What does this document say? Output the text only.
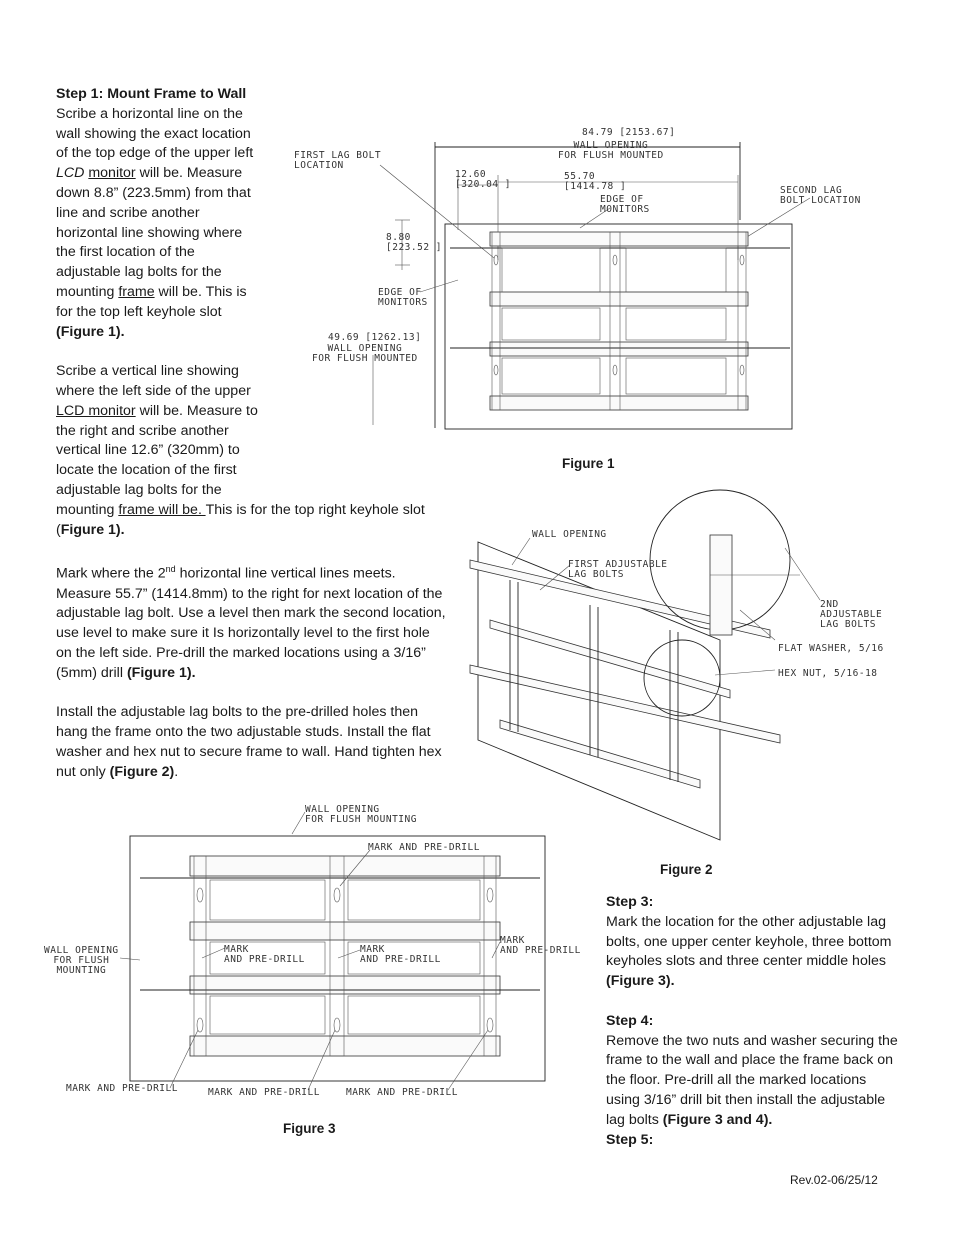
Step 1: Mount Frame to Wall
Scribe a horizontal line on the
wall showing the exact location
of the top edge of the upper left
LCD monitor will be. Measure
down 8.8” (223.5mm) from that
line and scribe another
horizontal line showing where
the first location of the
adjustable lag bolts for the
mounting frame will be. This is
for the top left keyhole slot
(Figure 1).
Scribe a vertical line showing
where the left side of the upper
LCD monitor will be. Measure to
the right and scribe another
vertical line 12.6” (320mm) to
locate the location of the first
adjustable lag bolts for the
mounting frame will be. This is for the top right keyhole slot
(Figure 1).
Mark where the 2nd horizontal line vertical lines meets.
Measure 55.7” (1414.8mm) to the right for next location of the
adjustable lag bolt. Use a level then mark the second location,
use level to make sure it Is horizontally level to the first hole
on the left side. Pre-drill the marked locations using a 3/16”
(5mm) drill (Figure 1).
Install the adjustable lag bolts to the pre-drilled holes then
hang the frame onto the two adjustable studs. Install the flat
washer and hex nut to secure frame to wall. Hand tighten hex
nut only (Figure 2).
84.79 [2153.67]
WALL OPENING
FOR FLUSH MOUNTED
FIRST LAG BOLT
LOCATION
12.60
[320.04 ]
55.70
[1414.78 ]
EDGE OF
MONITORS
SECOND LAG
BOLT LOCATION
8.80
[223.52 ]
EDGE OF
MONITORS
49.69 [1262.13]
WALL OPENING
FOR FLUSH MOUNTED
Figure 1
WALL OPENING
FIRST ADJUSTABLE
LAG BOLTS
2ND
ADJUSTABLE
LAG BOLTS
FLAT WASHER, 5/16
HEX NUT, 5/16-18
Figure 2
WALL OPENING
FOR FLUSH MOUNTING
MARK AND PRE-DRILL
WALL OPENING
FOR FLUSH
MOUNTING
MARK
AND PRE-DRILL
MARK
AND PRE-DRILL
MARK
AND PRE-DRILL
MARK AND PRE-DRILL	MARK AND PRE-DRILL	MARK AND PRE-DRILL
Figure 3
Step 3:
Mark the location for the other adjustable lag
bolts, one upper center keyhole, three bottom
keyholes slots and three center middle holes
(Figure 3).
Step 4:
Remove the two nuts and washer securing the
frame to the wall and place the frame back on
the floor. Pre-drill all the marked locations
using 3/16” drill bit then install the adjustable
lag bolts (Figure 3 and 4).
Step 5:
Rev.02-06/25/12
